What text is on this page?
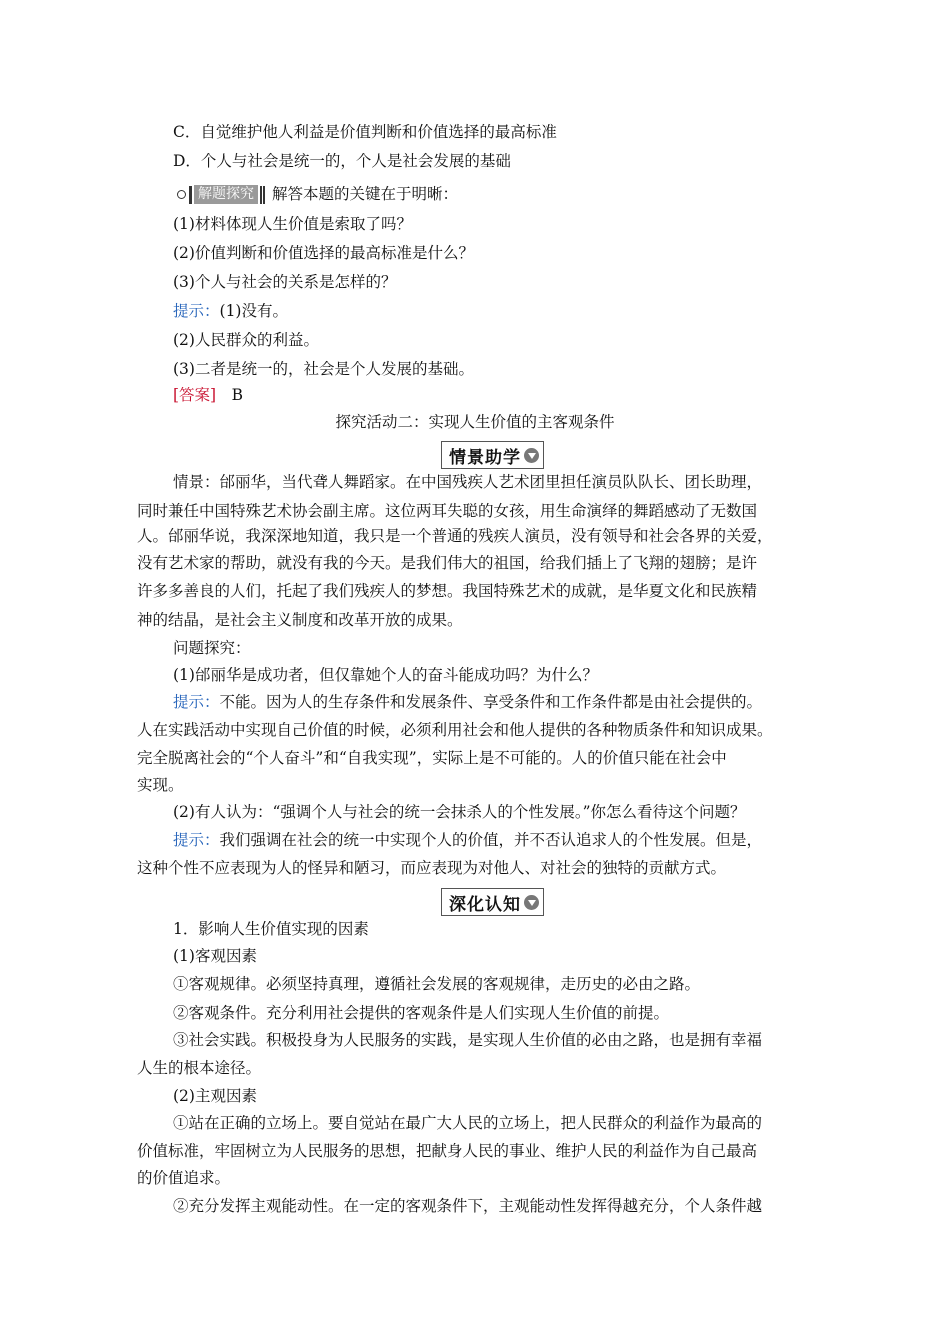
C．自觉维护他人利益是价值判断和价值选择的最高标准
D．个人与社会是统一的，个人是社会发展的基础
解题探究 解答本题的关键在于明晰：
(1)材料体现人生价值是索取了吗？
(2)价值判断和价值选择的最高标准是什么？
(3)个人与社会的关系是怎样的？
提示：(1)没有。
(2)人民群众的利益。
(3)二者是统一的，社会是个人发展的基础。
[答案]　B
探究活动二：实现人生价值的主客观条件
情景助学
情景：邰丽华，当代聋人舞蹈家。在中国残疾人艺术团里担任演员队队长、团长助理，
同时兼任中国特殊艺术协会副主席。这位两耳失聪的女孩，用生命演绎的舞蹈感动了无数国
人。邰丽华说，我深深地知道，我只是一个普通的残疾人演员，没有领导和社会各界的关爱，
没有艺术家的帮助，就没有我的今天。是我们伟大的祖国，给我们插上了飞翔的翅膀；是许
许多多善良的人们，托起了我们残疾人的梦想。我国特殊艺术的成就，是华夏文化和民族精
神的结晶，是社会主义制度和改革开放的成果。
问题探究：
(1)邰丽华是成功者，但仅靠她个人的奋斗能成功吗？为什么？
提示：不能。因为人的生存条件和发展条件、享受条件和工作条件都是由社会提供的。
人在实践活动中实现自己价值的时候，必须利用社会和他人提供的各种物质条件和知识成果。
完全脱离社会的“个人奋斗”和“自我实现”，实际上是不可能的。人的价值只能在社会中
实现。
(2)有人认为：“强调个人与社会的统一会抹杀人的个性发展。”你怎么看待这个问题？
提示：我们强调在社会的统一中实现个人的价值，并不否认追求人的个性发展。但是，
这种个性不应表现为人的怪异和陋习，而应表现为对他人、对社会的独特的贡献方式。
深化认知
1．影响人生价值实现的因素
(1)客观因素
①客观规律。必须坚持真理，遵循社会发展的客观规律，走历史的必由之路。
②客观条件。充分利用社会提供的客观条件是人们实现人生价值的前提。
③社会实践。积极投身为人民服务的实践，是实现人生价值的必由之路，也是拥有幸福
人生的根本途径。
(2)主观因素
①站在正确的立场上。要自觉站在最广大人民的立场上，把人民群众的利益作为最高的
价值标准，牢固树立为人民服务的思想，把献身人民的事业、维护人民的利益作为自己最高
的价值追求。
②充分发挥主观能动性。在一定的客观条件下，主观能动性发挥得越充分，个人条件越
